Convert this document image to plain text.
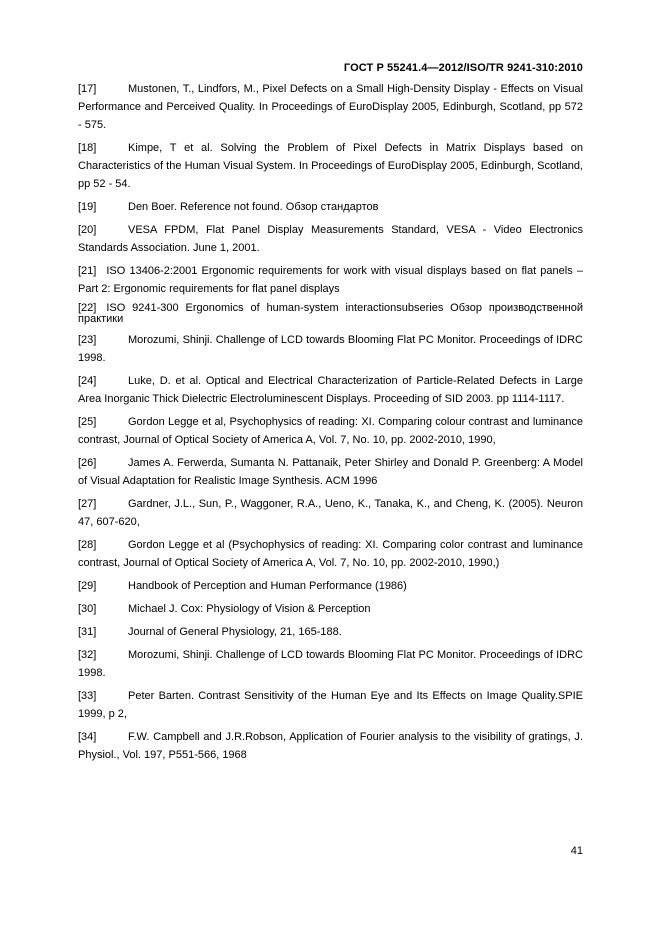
ГОСТ Р 55241.4—2012/ISO/TR 9241-310:2010
[17]	Mustonen, T., Lindfors, M., Pixel Defects on a Small High-Density Display - Effects on Visual Performance and Perceived Quality. In Proceedings of EuroDisplay 2005, Edinburgh, Scotland, pp 572 - 575.
[18]	Kimpe, T et al. Solving the Problem of Pixel Defects in Matrix Displays based on Characteristics of the Human Visual System. In Proceedings of EuroDisplay 2005, Edinburgh, Scotland, pp 52 - 54.
[19]	Den Boer. Reference not found. Обзор стандартов
[20]	VESA FPDM, Flat Panel Display Measurements Standard, VESA - Video Electronics Standards Association. June 1, 2001.
[21] ISO 13406-2:2001 Ergonomic requirements for work with visual displays based on flat panels – Part 2: Ergonomic requirements for flat panel displays
[22] ISO 9241-300 Ergonomics of human-system interactionsubseries Обзор производственной практики
[23]	Morozumi, Shinji. Challenge of LCD towards Blooming Flat PC Monitor. Proceedings of IDRC 1998.
[24]	Luke, D. et al. Optical and Electrical Characterization of Particle-Related Defects in Large Area Inorganic Thick Dielectric Electroluminescent Displays. Proceeding of SID 2003. pp 1114-1117.
[25]	Gordon Legge et al, Psychophysics of reading: XI. Comparing colour contrast and luminance contrast, Journal of Optical Society of America A, Vol. 7, No. 10, pp. 2002-2010, 1990,
[26]	James A. Ferwerda, Sumanta N. Pattanaik, Peter Shirley and Donald P. Greenberg: A Model of Visual Adaptation for Realistic Image Synthesis. ACM 1996
[27]	Gardner, J.L., Sun, P., Waggoner, R.A., Ueno, K., Tanaka, K., and Cheng, K. (2005). Neuron 47, 607-620,
[28]	Gordon Legge et al (Psychophysics of reading: XI. Comparing color contrast and luminance contrast, Journal of Optical Society of America A, Vol. 7, No. 10, pp. 2002-2010, 1990,)
[29]	Handbook of Perception and Human Performance (1986)
[30]	Michael J. Cox: Physiology of Vision & Perception
[31]	Journal of General Physiology, 21, 165-188.
[32]	Morozumi, Shinji. Challenge of LCD towards Blooming Flat PC Monitor. Proceedings of IDRC 1998.
[33]	Peter Barten. Contrast Sensitivity of the Human Eye and Its Effects on Image Quality.SPIE 1999, p 2,
[34]	F.W. Campbell and J.R.Robson, Application of Fourier analysis to the visibility of gratings, J. Physiol., Vol. 197, P551-566, 1968
41
